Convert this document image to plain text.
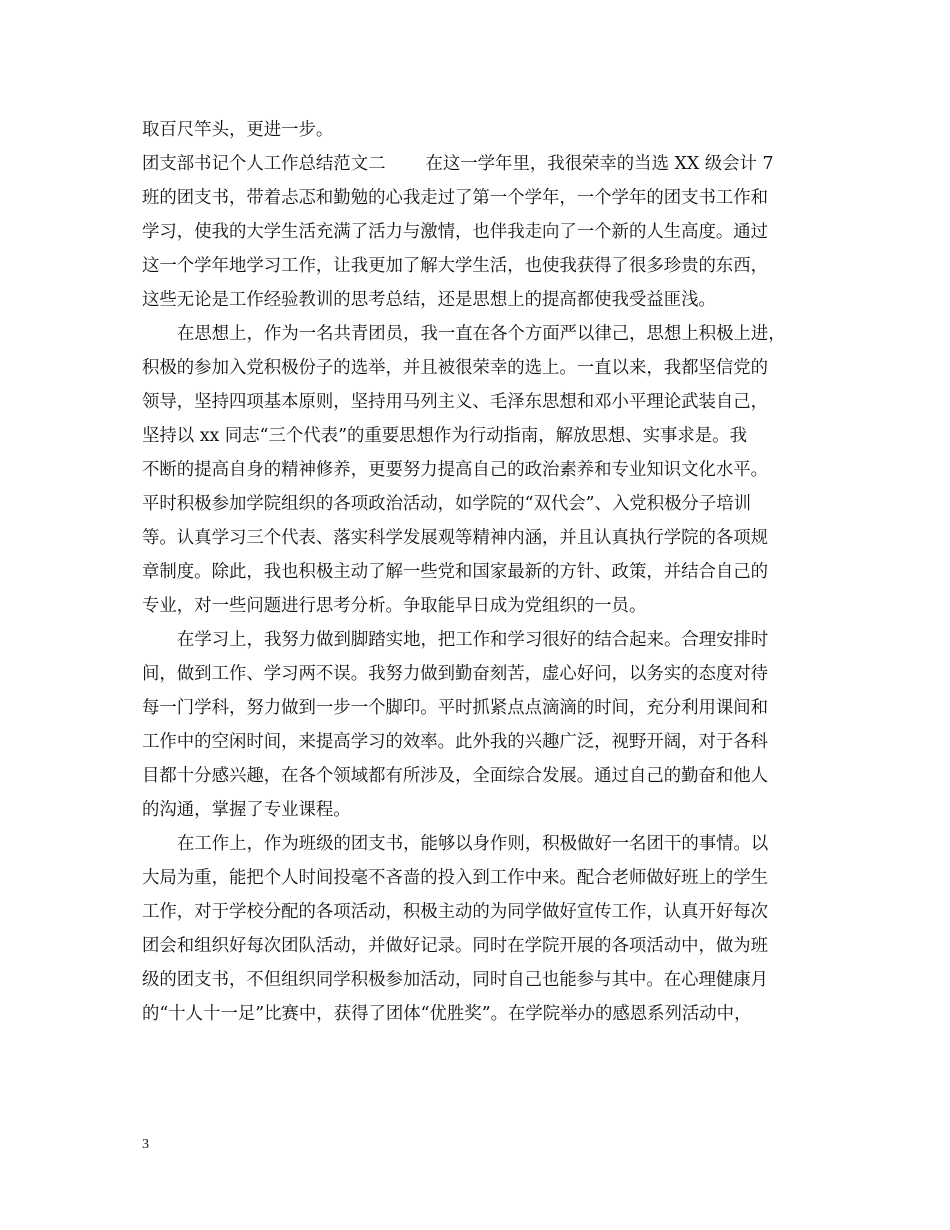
取百尺竿头，更进一步。
团支部书记个人工作总结范文二 在这一学年里，我很荣幸的当选 XX 级会计 7
班的团支书，带着忐忑和勤勉的心我走过了第一个学年，一个学年的团支书工作和
学习，使我的大学生活充满了活力与激情，也伴我走向了一个新的人生高度。通过
这一个学年地学习工作，让我更加了解大学生活，也使我获得了很多珍贵的东西，
这些无论是工作经验教训的思考总结，还是思想上的提高都使我受益匪浅。
在思想上，作为一名共青团员，我一直在各个方面严以律己，思想上积极上进，
积极的参加入党积极份子的选举，并且被很荣幸的选上。一直以来，我都坚信党的
领导，坚持四项基本原则，坚持用马列主义、毛泽东思想和邓小平理论武装自己，
坚持以 xx 同志“三个代表”的重要思想作为行动指南，解放思想、实事求是。我
不断的提高自身的精神修养，更要努力提高自己的政治素养和专业知识文化水平。
平时积极参加学院组织的各项政治活动，如学院的“双代会”、入党积极分子培训
等。认真学习三个代表、落实科学发展观等精神内涵，并且认真执行学院的各项规
章制度。除此，我也积极主动了解一些党和国家最新的方针、政策，并结合自己的
专业，对一些问题进行思考分析。争取能早日成为党组织的一员。
在学习上，我努力做到脚踏实地，把工作和学习很好的结合起来。合理安排时
间，做到工作、学习两不误。我努力做到勤奋刻苦，虚心好问，以务实的态度对待
每一门学科，努力做到一步一个脚印。平时抓紧点点滴滴的时间，充分利用课间和
工作中的空闲时间，来提高学习的效率。此外我的兴趣广泛，视野开阔，对于各科
目都十分感兴趣，在各个领域都有所涉及，全面综合发展。通过自己的勤奋和他人
的沟通，掌握了专业课程。
在工作上，作为班级的团支书，能够以身作则，积极做好一名团干的事情。以
大局为重，能把个人时间投毫不吝啬的投入到工作中来。配合老师做好班上的学生
工作，对于学校分配的各项活动，积极主动的为同学做好宣传工作，认真开好每次
团会和组织好每次团队活动，并做好记录。同时在学院开展的各项活动中，做为班
级的团支书，不但组织同学积极参加活动，同时自己也能参与其中。在心理健康月
的“十人十一足”比赛中，获得了团体“优胜奖”。在学院举办的感恩系列活动中，
3
